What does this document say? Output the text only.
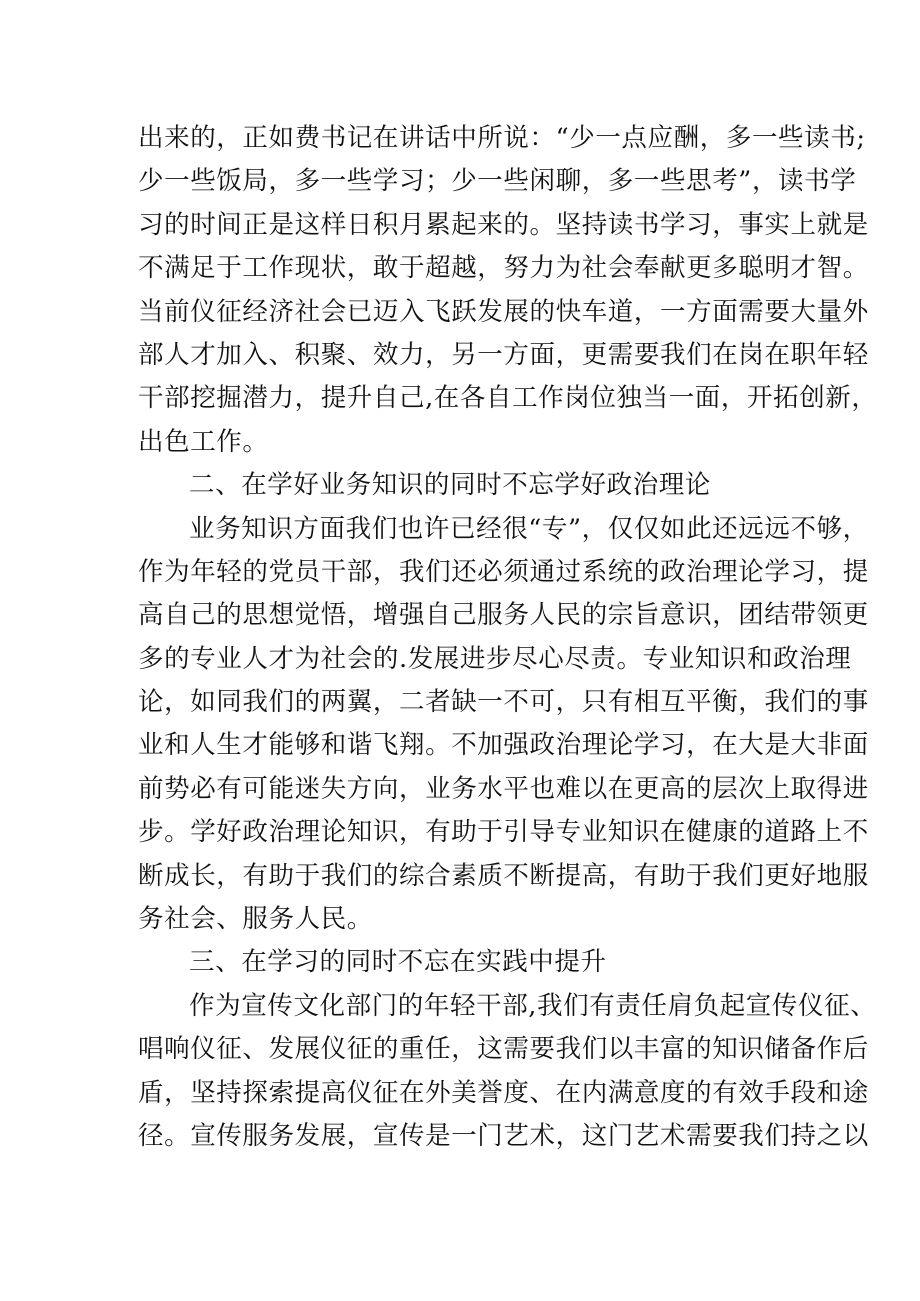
出来的，正如费书记在讲话中所说：“少一点应酬，多一些读书;
少一些饭局，多一些学习；少一些闲聊，多一些思考”，读书学
习的时间正是这样日积月累起来的。坚持读书学习，事实上就是
不满足于工作现状，敢于超越，努力为社会奉献更多聪明才智。
当前仪征经济社会已迈入飞跃发展的快车道，一方面需要大量外
部人才加入、积聚、效力，另一方面，更需要我们在岗在职年轻
干部挖掘潜力，提升自己,在各自工作岗位独当一面，开拓创新，
出色工作。
二、在学好业务知识的同时不忘学好政治理论
业务知识方面我们也许已经很“专”，仅仅如此还远远不够，
作为年轻的党员干部，我们还必须通过系统的政治理论学习，提
高自己的思想觉悟，增强自己服务人民的宗旨意识，团结带领更
多的专业人才为社会的.发展进步尽心尽责。专业知识和政治理
论，如同我们的两翼，二者缺一不可，只有相互平衡，我们的事
业和人生才能够和谐飞翔。不加强政治理论学习，在大是大非面
前势必有可能迷失方向，业务水平也难以在更高的层次上取得进
步。学好政治理论知识，有助于引导专业知识在健康的道路上不
断成长，有助于我们的综合素质不断提高，有助于我们更好地服
务社会、服务人民。
三、在学习的同时不忘在实践中提升
作为宣传文化部门的年轻干部,我们有责任肩负起宣传仪征、
唱响仪征、发展仪征的重任，这需要我们以丰富的知识储备作后
盾，坚持探索提高仪征在外美誉度、在内满意度的有效手段和途
径。宣传服务发展，宣传是一门艺术，这门艺术需要我们持之以
